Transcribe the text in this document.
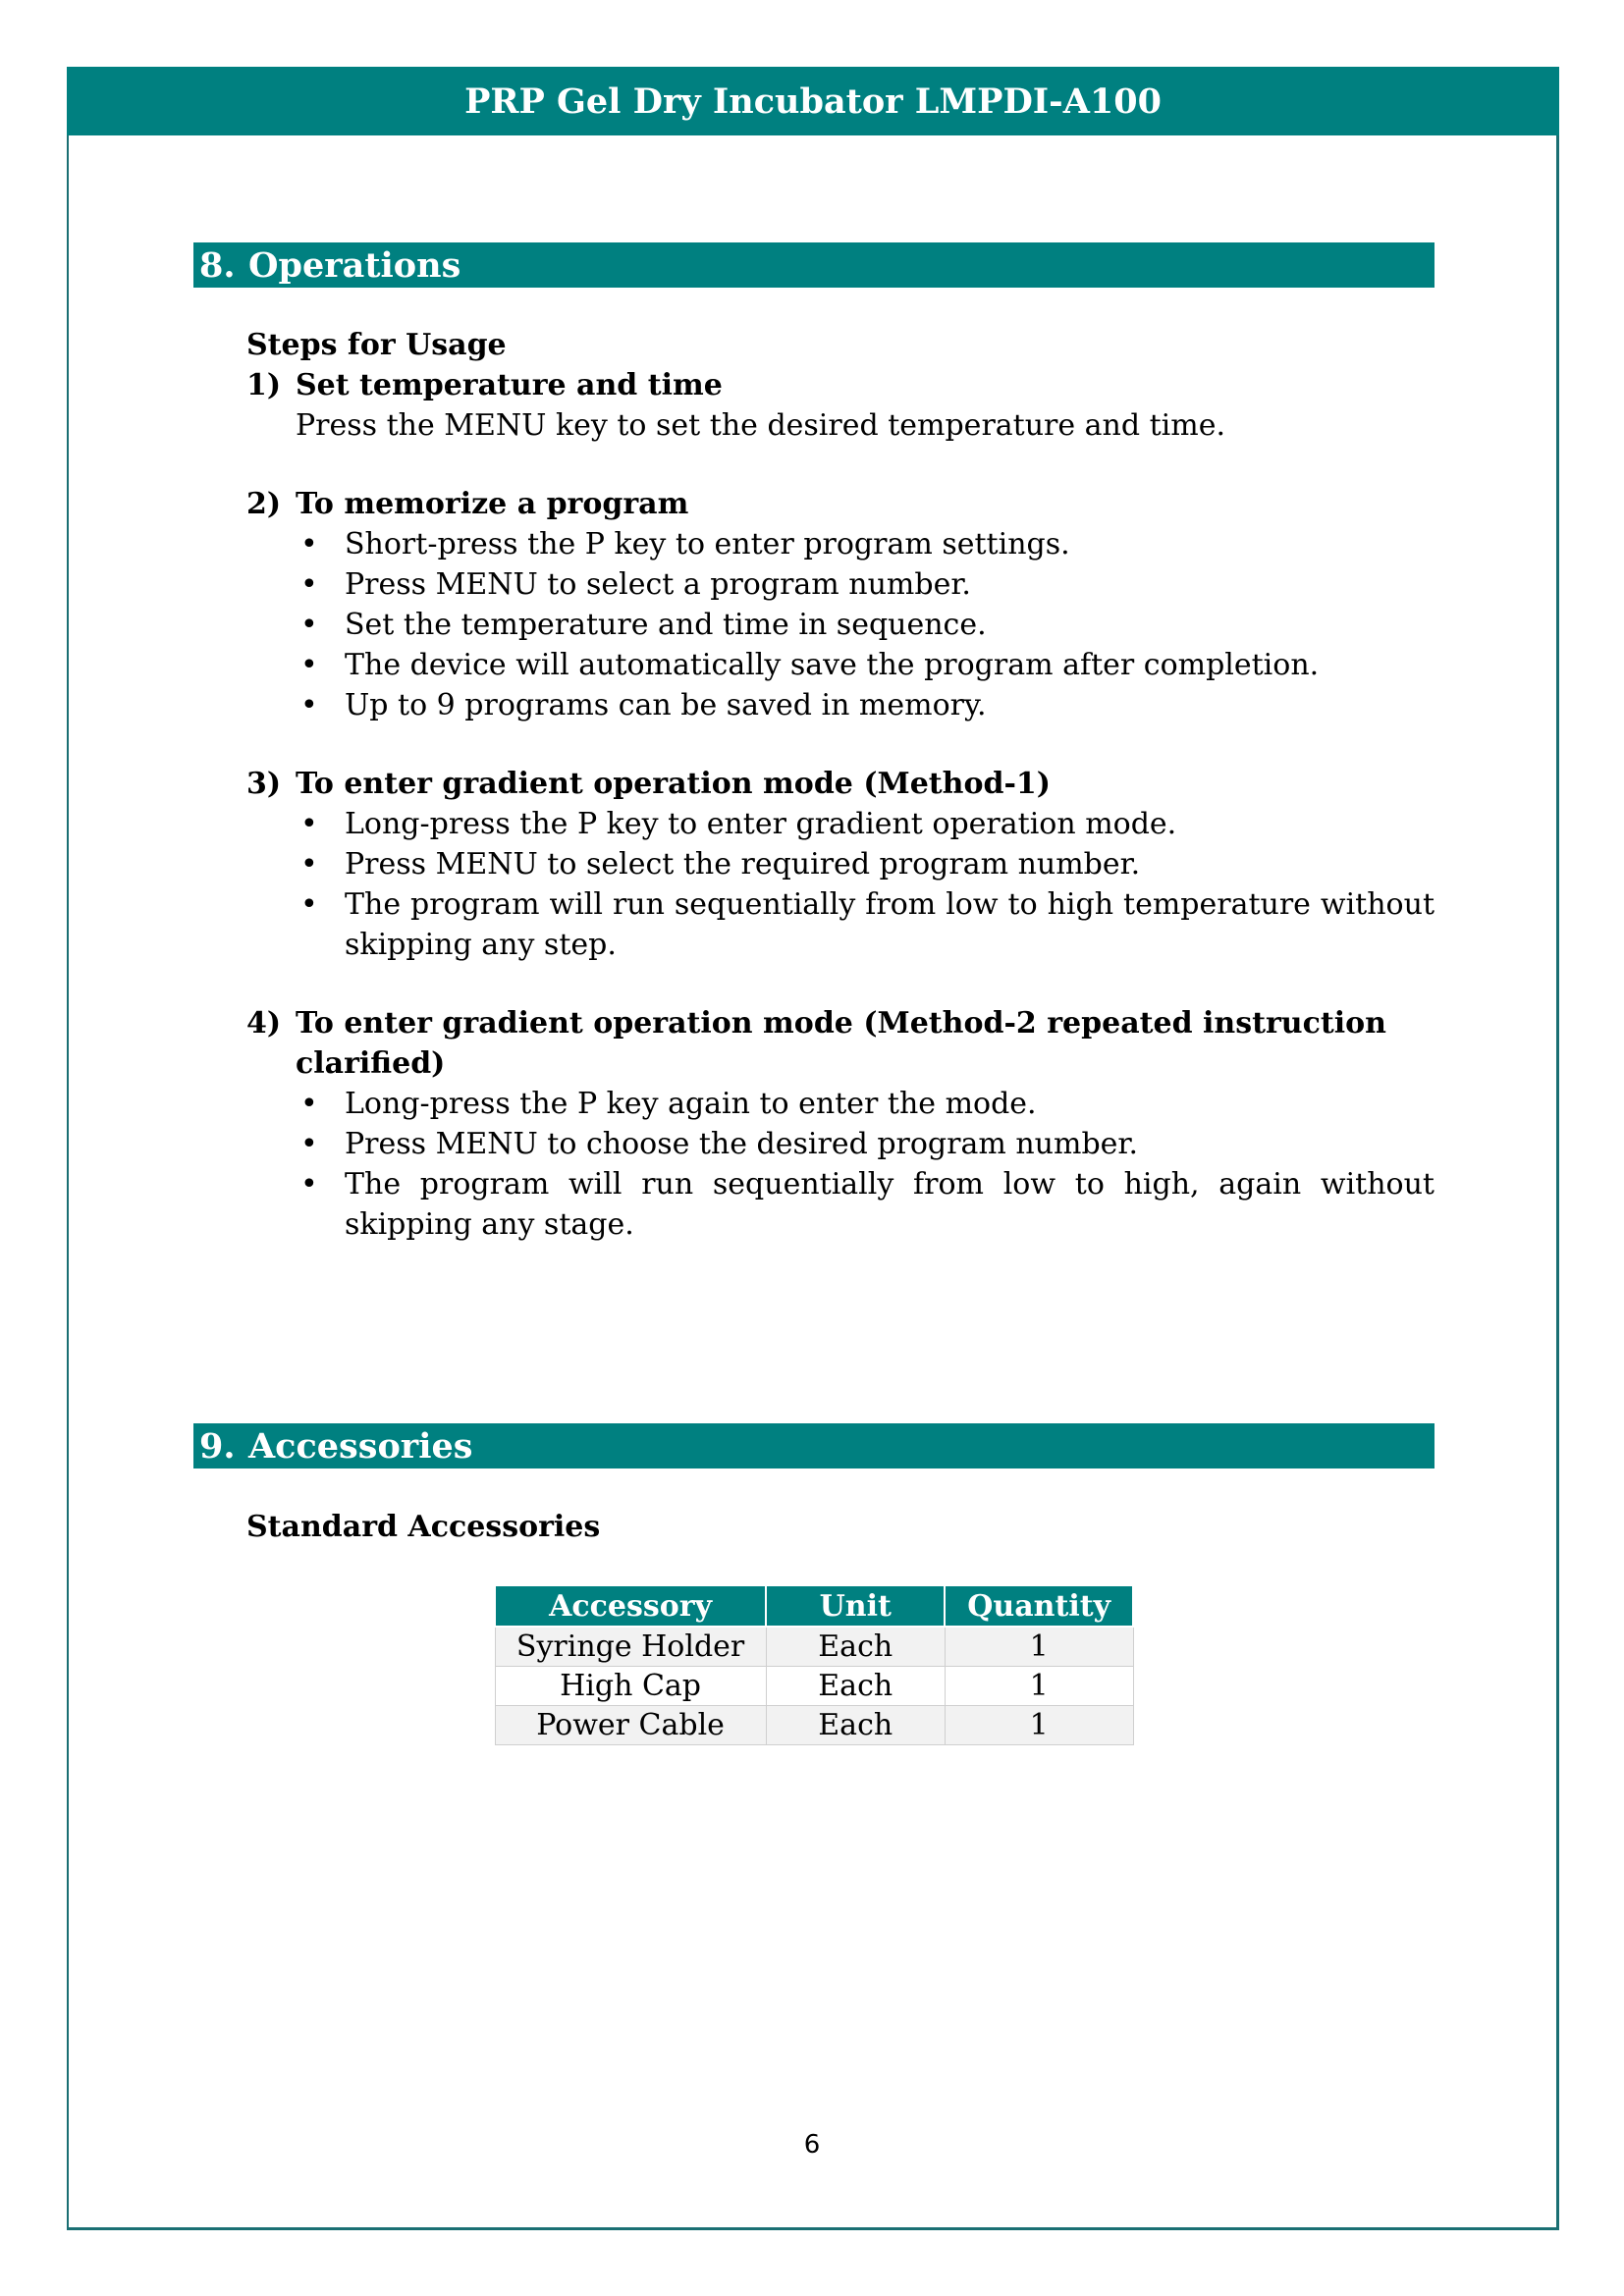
PRP Gel Dry Incubator LMPDI-A100
8. Operations
Steps for Usage
1) Set temperature and time
Press the MENU key to set the desired temperature and time.
2) To memorize a program
• Short-press the P key to enter program settings.
• Press MENU to select a program number.
• Set the temperature and time in sequence.
• The device will automatically save the program after completion.
• Up to 9 programs can be saved in memory.
3) To enter gradient operation mode (Method-1)
• Long-press the P key to enter gradient operation mode.
• Press MENU to select the required program number.
• The program will run sequentially from low to high temperature without skipping any step.
4) To enter gradient operation mode (Method-2 repeated instruction clarified)
• Long-press the P key again to enter the mode.
• Press MENU to choose the desired program number.
• The program will run sequentially from low to high, again without skipping any stage.
9. Accessories
Standard Accessories
Accessory	Unit	Quantity
Syringe Holder	Each	1
High Cap	Each	1
Power Cable	Each	1
6
